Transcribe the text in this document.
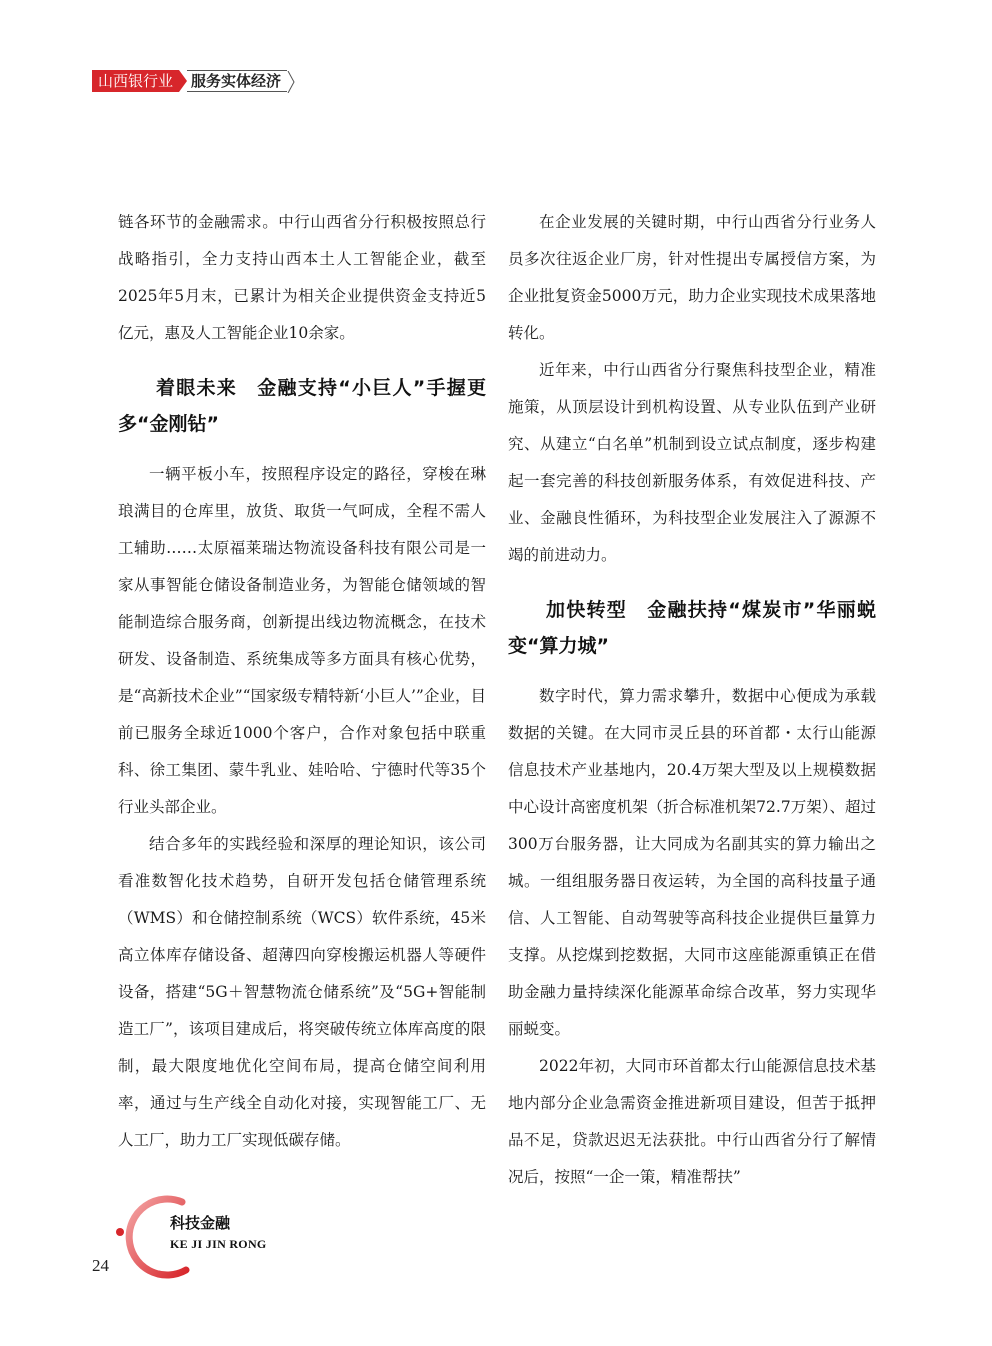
山西银行业	服务实体经济

链各环节的金融需求。中行山西省分行积极按照总行战略指引，全力支持山西本土人工智能企业，截至2025年5月末，已累计为相关企业提供资金支持近5亿元，惠及人工智能企业10余家。

着眼未来　金融支持“小巨人”手握更多“金刚钻”

一辆平板小车，按照程序设定的路径，穿梭在琳琅满目的仓库里，放货、取货一气呵成，全程不需人工辅助……太原福莱瑞达物流设备科技有限公司是一家从事智能仓储设备制造业务，为智能仓储领域的智能制造综合服务商，创新提出线边物流概念，在技术研发、设备制造、系统集成等多方面具有核心优势，是“高新技术企业”“国家级专精特新‘小巨人’”企业，目前已服务全球近1000个客户，合作对象包括中联重科、徐工集团、蒙牛乳业、娃哈哈、宁德时代等35个行业头部企业。

结合多年的实践经验和深厚的理论知识，该公司看准数智化技术趋势，自研开发包括仓储管理系统（WMS）和仓储控制系统（WCS）软件系统，45米高立体库存储设备、超薄四向穿梭搬运机器人等硬件设备，搭建“5G＋智慧物流仓储系统”及“5G+智能制造工厂”，该项目建成后，将突破传统立体库高度的限制，最大限度地优化空间布局，提高仓储空间利用率，通过与生产线全自动化对接，实现智能工厂、无人工厂，助力工厂实现低碳存储。

在企业发展的关键时期，中行山西省分行业务人员多次往返企业厂房，针对性提出专属授信方案，为企业批复资金5000万元，助力企业实现技术成果落地转化。

近年来，中行山西省分行聚焦科技型企业，精准施策，从顶层设计到机构设置、从专业队伍到产业研究、从建立“白名单”机制到设立试点制度，逐步构建起一套完善的科技创新服务体系，有效促进科技、产业、金融良性循环，为科技型企业发展注入了源源不竭的前进动力。

加快转型　金融扶持“煤炭市”华丽蜕变“算力城”

数字时代，算力需求攀升，数据中心便成为承载数据的关键。在大同市灵丘县的环首都・太行山能源信息技术产业基地内，20.4万架大型及以上规模数据中心设计高密度机架（折合标准机架72.7万架）、超过300万台服务器，让大同成为名副其实的算力输出之城。一组组服务器日夜运转，为全国的高科技量子通信、人工智能、自动驾驶等高科技企业提供巨量算力支撑。从挖煤到挖数据，大同市这座能源重镇正在借助金融力量持续深化能源革命综合改革，努力实现华丽蜕变。

2022年初，大同市环首都太行山能源信息技术基地内部分企业急需资金推进新项目建设，但苦于抵押品不足，贷款迟迟无法获批。中行山西省分行了解情况后，按照“一企一策，精准帮扶”

科技金融
KE JI JIN RONG
24
